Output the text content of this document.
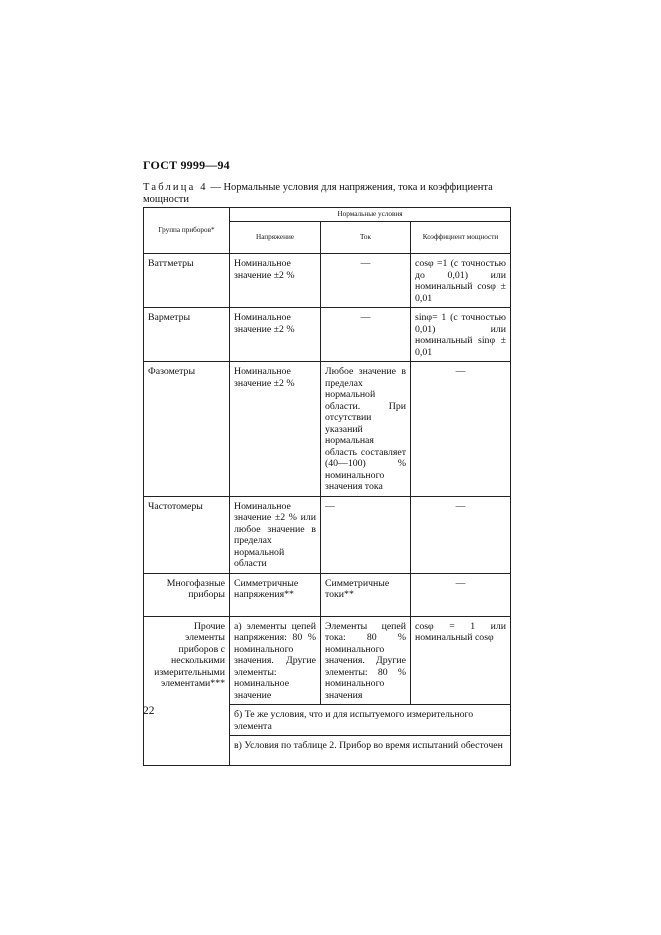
ГОСТ 9999—94
Таблица 4 — Нормальные условия для напряжения, тока и коэффициента мощности
Группа приборов*	Нормальные условия		
	Напряжение	Ток	Коэффициент мощности
Ваттметры	Номинальное значение ±2 %	—	cosφ =1 (с точностью до 0,01) или номинальный cosφ ± 0,01
Варметры	Номинальное значение ±2 %	—	sinφ= 1 (с точностью 0,01) или номинальный sinφ ± 0,01
Фазометры	Номинальное значение ±2 %	Любое значение в пределах нормальной области. При отсутствии указаний нормальная область составляет (40—100) % номинального значения тока	—
Частотомеры	Номинальное значение ±2 % или любое значение в пределах нормальной области	—	—
Многофазные приборы	Симметричные напряжения**	Симметричные токи**	—
Прочие элементы приборов с несколькими измерительными элементами***	а) элементы цепей напряжения: 80 % номинального значения. Другие элементы: номинальное значение	Элементы цепей тока: 80 % номинального значения. Другие элементы: 80 % номинального значения	cosφ = 1 или номинальный cosφ
	б) Те же условия, что и для испытуемого измерительного элемента		
	в) Условия по таблице 2. Прибор во время испытаний обесточен		
22
